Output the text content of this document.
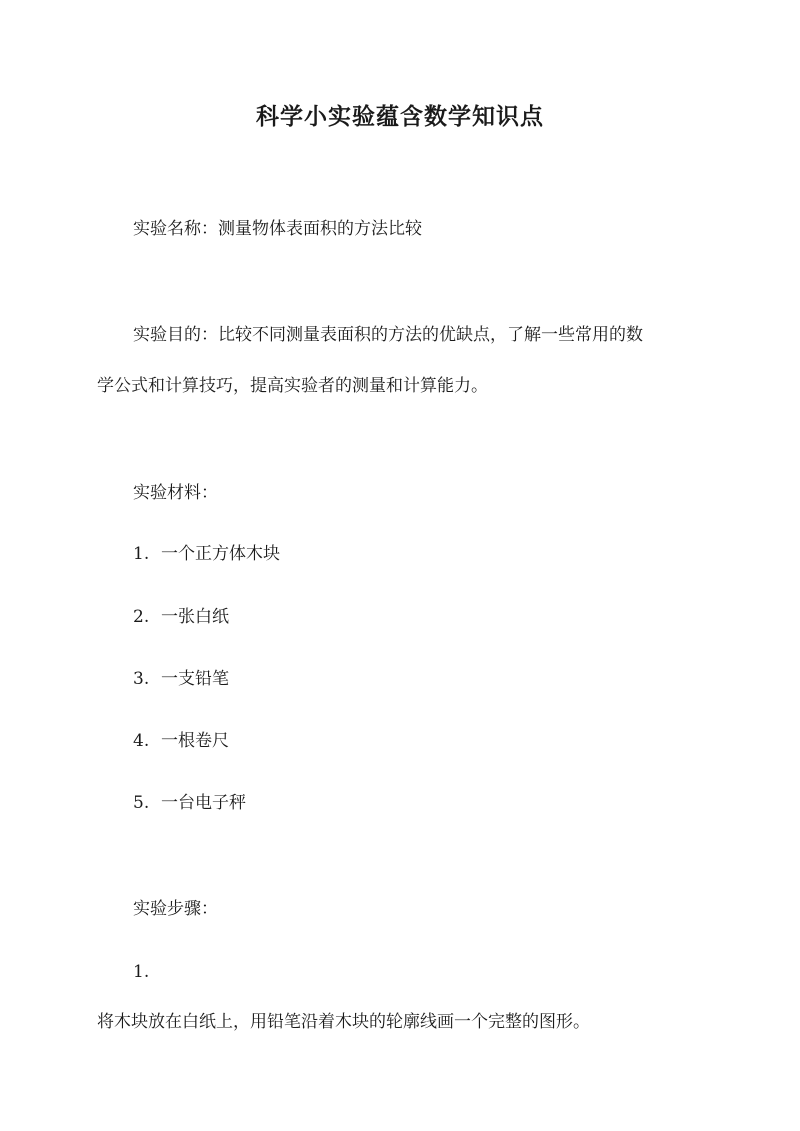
科学小实验蕴含数学知识点
实验名称：测量物体表面积的方法比较
实验目的：比较不同测量表面积的方法的优缺点，了解一些常用的数
学公式和计算技巧，提高实验者的测量和计算能力。
实验材料：
1. 一个正方体木块
2. 一张白纸
3. 一支铅笔
4. 一根卷尺
5. 一台电子秤
实验步骤：
1.
将木块放在白纸上，用铅笔沿着木块的轮廓线画一个完整的图形。
